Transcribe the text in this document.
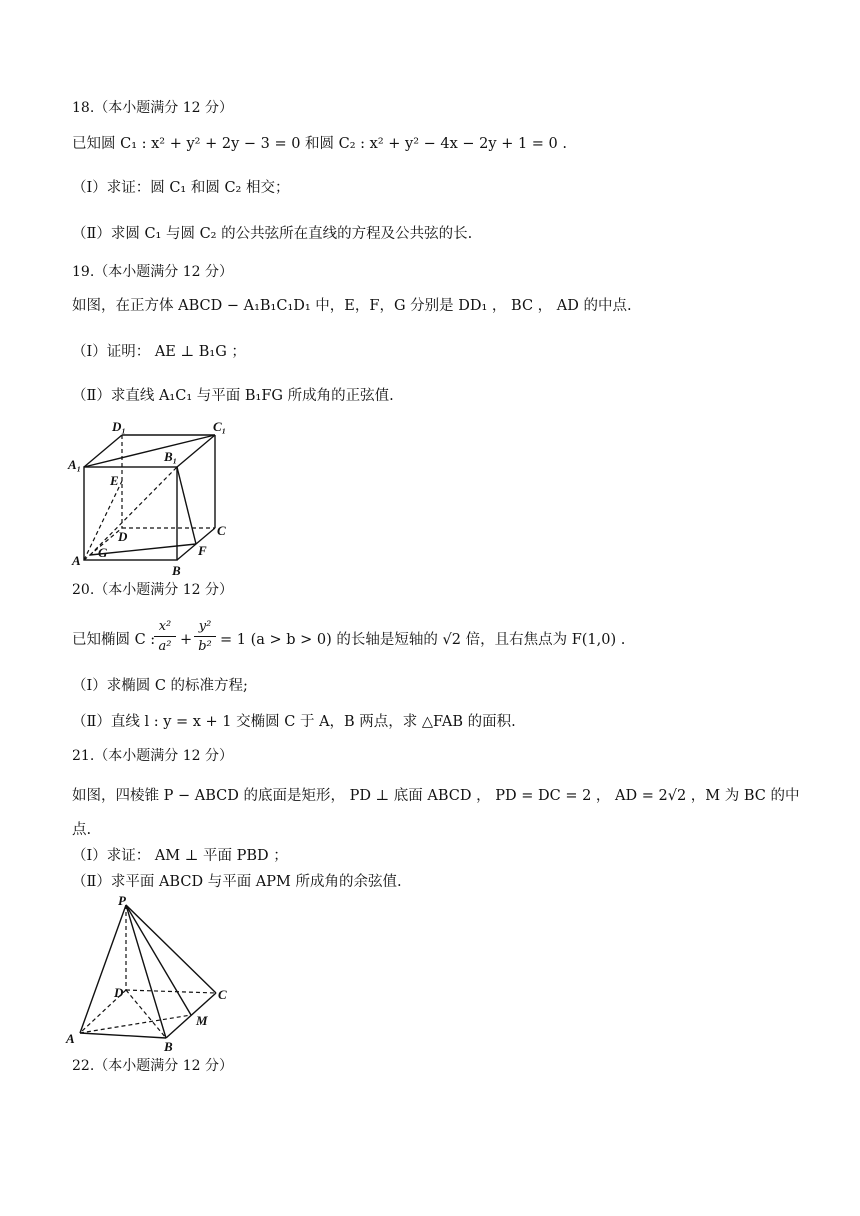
18.（本小题满分 12 分）
已知圆 C₁ : x² + y² + 2y − 3 = 0 和圆 C₂ : x² + y² − 4x − 2y + 1 = 0 .
（Ⅰ）求证：圆 C₁ 和圆 C₂ 相交；
（Ⅱ）求圆 C₁ 与圆 C₂ 的公共弦所在直线的方程及公共弦的长.
19.（本小题满分 12 分）
如图，在正方体 ABCD − A₁B₁C₁D₁ 中，E，F，G 分别是 DD₁ ， BC ， AD 的中点.
（Ⅰ）证明： AE ⊥ B₁G ；
（Ⅱ）求直线 A₁C₁ 与平面 B₁FG 所成角的正弦值.
D₁	C₁
A₁
B₁
E
D	C
A
G	F
B
20.（本小题满分 12 分）
已知椭圆 C :
$\frac{\text{x²}}{\text{a²}} + \frac{\text{y²}}{\text{b²}} = 1$ (a > b > 0) 的长轴是短轴的 √2 倍，且右焦点为 F(1,0) .
（Ⅰ）求椭圆 C 的标准方程;
（Ⅱ）直线 l : y = x + 1 交椭圆 C 于 A，B 两点，求 △FAB 的面积.
21.（本小题满分 12 分）
如图，四棱锥 P − ABCD 的底面是矩形， PD ⊥ 底面 ABCD ， PD = DC = 2 ， AD = 2√2 ，M 为 BC 的中
点.
（Ⅰ）求证： AM ⊥ 平面 PBD ；
（Ⅱ）求平面 ABCD 与平面 APM 所成角的余弦值.
P
D	C
M
A
B
22.（本小题满分 12 分）
